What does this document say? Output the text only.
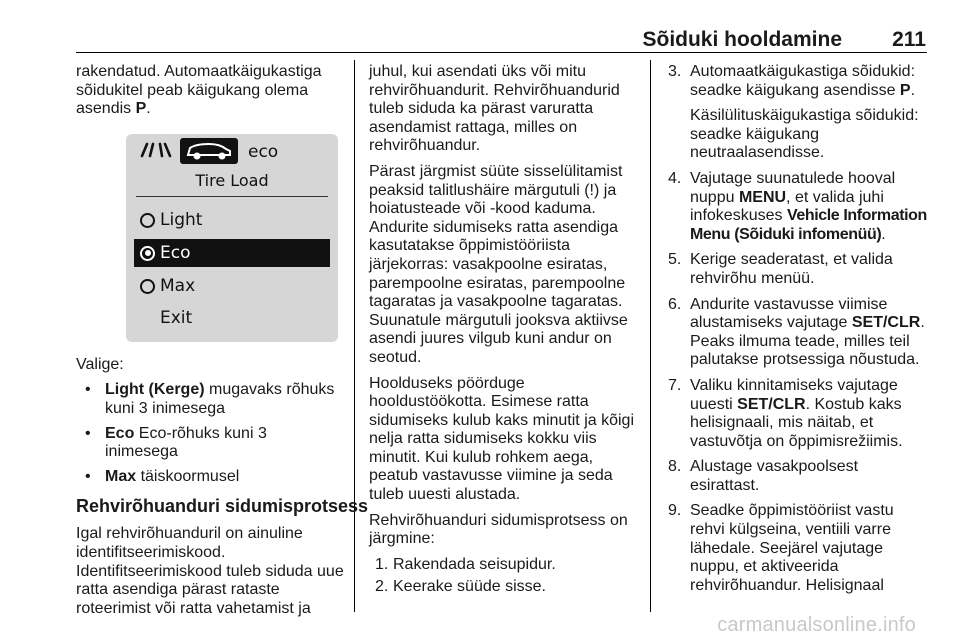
Sõiduki hooldamine 211

rakendatud. Automaatkäigukastiga sõidukitel peab käigukang olema asendis P.

eco
Tire Load
Light
Eco
Max
Exit

Valige:

• Light (Kerge) mugavaks rõhuks kuni 3 inimesega
• Eco Eco-rõhuks kuni 3 inimesega
• Max täiskoormusel
Rehvirõhuanduri sidumisprotsess

Igal rehvirõhuanduril on ainuline identifitseerimiskood. Identifitseerimiskood tuleb siduda uue ratta asendiga pärast rataste roteerimist või ratta vahetamist ja

juhul, kui asendati üks või mitu rehvirõhuandurit. Rehvirõhuandurid tuleb siduda ka pärast varuratta asendamist rattaga, milles on rehvirõhuandur.

Pärast järgmist süüte sisselülitamist peaksid talitlushäire märgutuli (!) ja hoiatusteade või -kood kaduma. Andurite sidumiseks ratta asendiga kasutatakse õppimistööriista järjekorras: vasakpoolne esiratas, parempoolne esiratas, parempoolne tagaratas ja vasakpoolne tagaratas. Suunatule märgutuli jooksva aktiivse asendi juures vilgub kuni andur on seotud.

Hoolduseks pöörduge hooldustöökotta. Esimese ratta sidumiseks kulub kaks minutit ja kõigi nelja ratta sidumiseks kokku viis minutit. Kui kulub rohkem aega, peatub vastavusse viimine ja seda tuleb uuesti alustada.

Rehvirõhuanduri sidumisprotsess on järgmine:

1. Rakendada seisupidur.
2. Keerake süüde sisse.
3. Automaatkäigukastiga sõidukid: seadke käigukang asendisse P.
Käsilülituskäigukastiga sõidukid: seadke käigukang neutraalasendisse.
4. Vajutage suunatulede hooval nuppu MENU, et valida juhi infokeskuses Vehicle Information Menu (Sõiduki infomenüü).
5. Kerige seaderatast, et valida rehvirõhu menüü.
6. Andurite vastavusse viimise alustamiseks vajutage SET/CLR. Peaks ilmuma teade, milles teil palutakse protsessiga nõustuda.
7. Valiku kinnitamiseks vajutage uuesti SET/CLR. Kostub kaks helisignaali, mis näitab, et vastuvõtja on õppimisrežiimis.
8. Alustage vasakpoolsest esirattast.
9. Seadke õppimistööriist vastu rehvi külgseina, ventiili varre lähedale. Seejärel vajutage nuppu, et aktiveerida rehvirõhuandur. Helisignaal
carmanualsonline.info
